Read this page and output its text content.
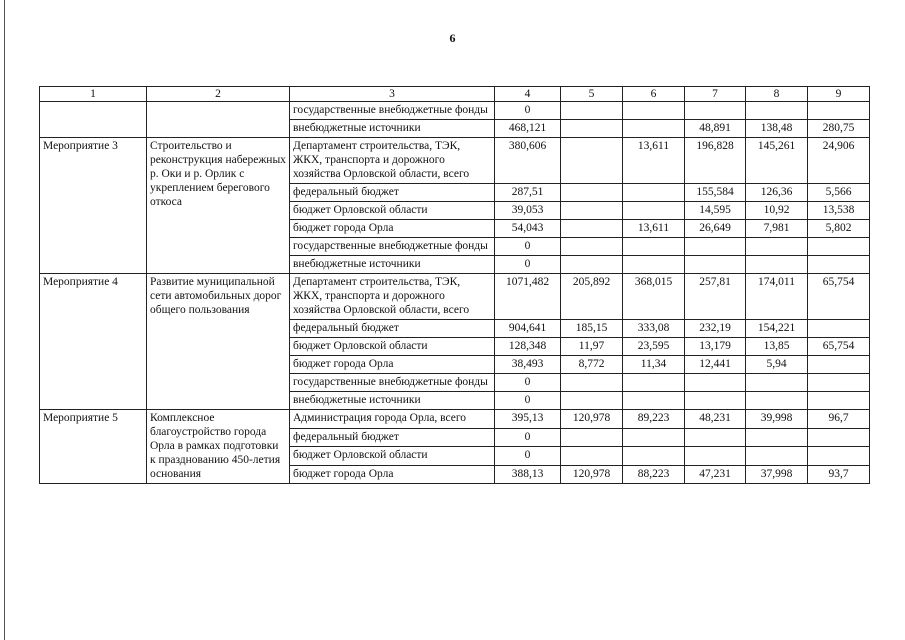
6
1	2	3	4	5	6	7	8	9
		государственные внебюджетные фонды	0					
		внебюджетные источники	468,121			48,891	138,48	280,75
Мероприятие 3	Строительство и реконструкция набережных р. Оки и р. Орлик с укреплением берегового откоса	Департамент строительства, ТЭК, ЖКХ, транспорта и дорожного хозяйства Орловской области, всего	380,606		13,611	196,828	145,261	24,906
		федеральный бюджет	287,51			155,584	126,36	5,566
		бюджет Орловской области	39,053			14,595	10,92	13,538
		бюджет города Орла	54,043		13,611	26,649	7,981	5,802
		государственные внебюджетные фонды	0					
		внебюджетные источники	0					
Мероприятие 4	Развитие муниципальной сети автомобильных дорог общего пользования	Департамент строительства, ТЭК, ЖКХ, транспорта и дорожного хозяйства Орловской области, всего	1071,482	205,892	368,015	257,81	174,011	65,754
		федеральный бюджет	904,641	185,15	333,08	232,19	154,221	
		бюджет Орловской области	128,348	11,97	23,595	13,179	13,85	65,754
		бюджет города Орла	38,493	8,772	11,34	12,441	5,94	
		государственные внебюджетные фонды	0					
		внебюджетные источники	0					
Мероприятие 5	Комплексное благоустройство города Орла в рамках подготовки к празднованию 450-летия основания	Администрация города Орла, всего	395,13	120,978	89,223	48,231	39,998	96,7
		федеральный бюджет	0					
		бюджет Орловской области	0					
		бюджет города Орла	388,13	120,978	88,223	47,231	37,998	93,7
